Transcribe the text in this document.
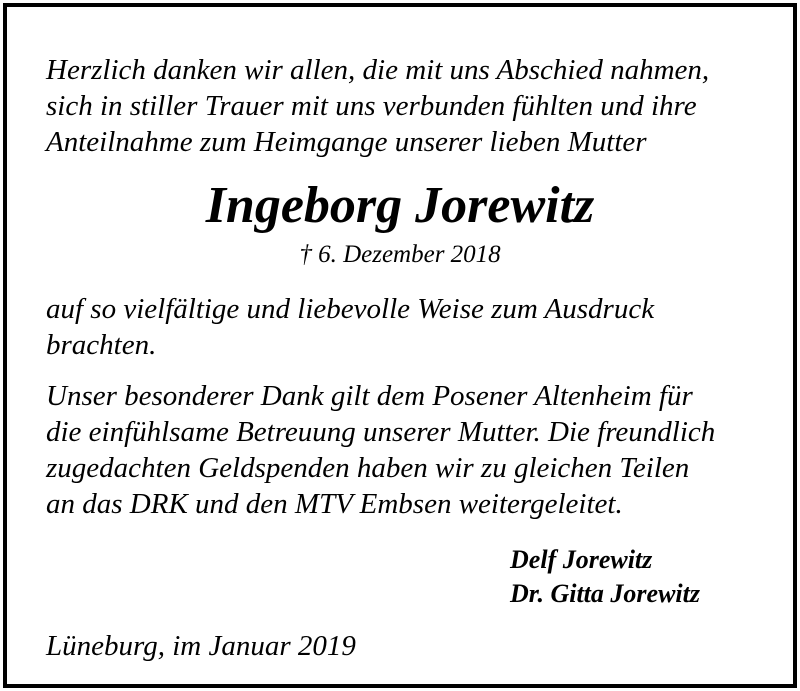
Herzlich danken wir allen, die mit uns Abschied nahmen,
sich in stiller Trauer mit uns verbunden fühlten und ihre
Anteilnahme zum Heimgange unserer lieben Mutter

Ingeborg Jorewitz

† 6. Dezember 2018

auf so vielfältige und liebevolle Weise zum Ausdruck
brachten.

Unser besonderer Dank gilt dem Posener Altenheim für
die einfühlsame Betreuung unserer Mutter. Die freundlich
zugedachten Geldspenden haben wir zu gleichen Teilen
an das DRK und den MTV Embsen weitergeleitet.

Delf Jorewitz
Dr. Gitta Jorewitz

Lüneburg, im Januar 2019
